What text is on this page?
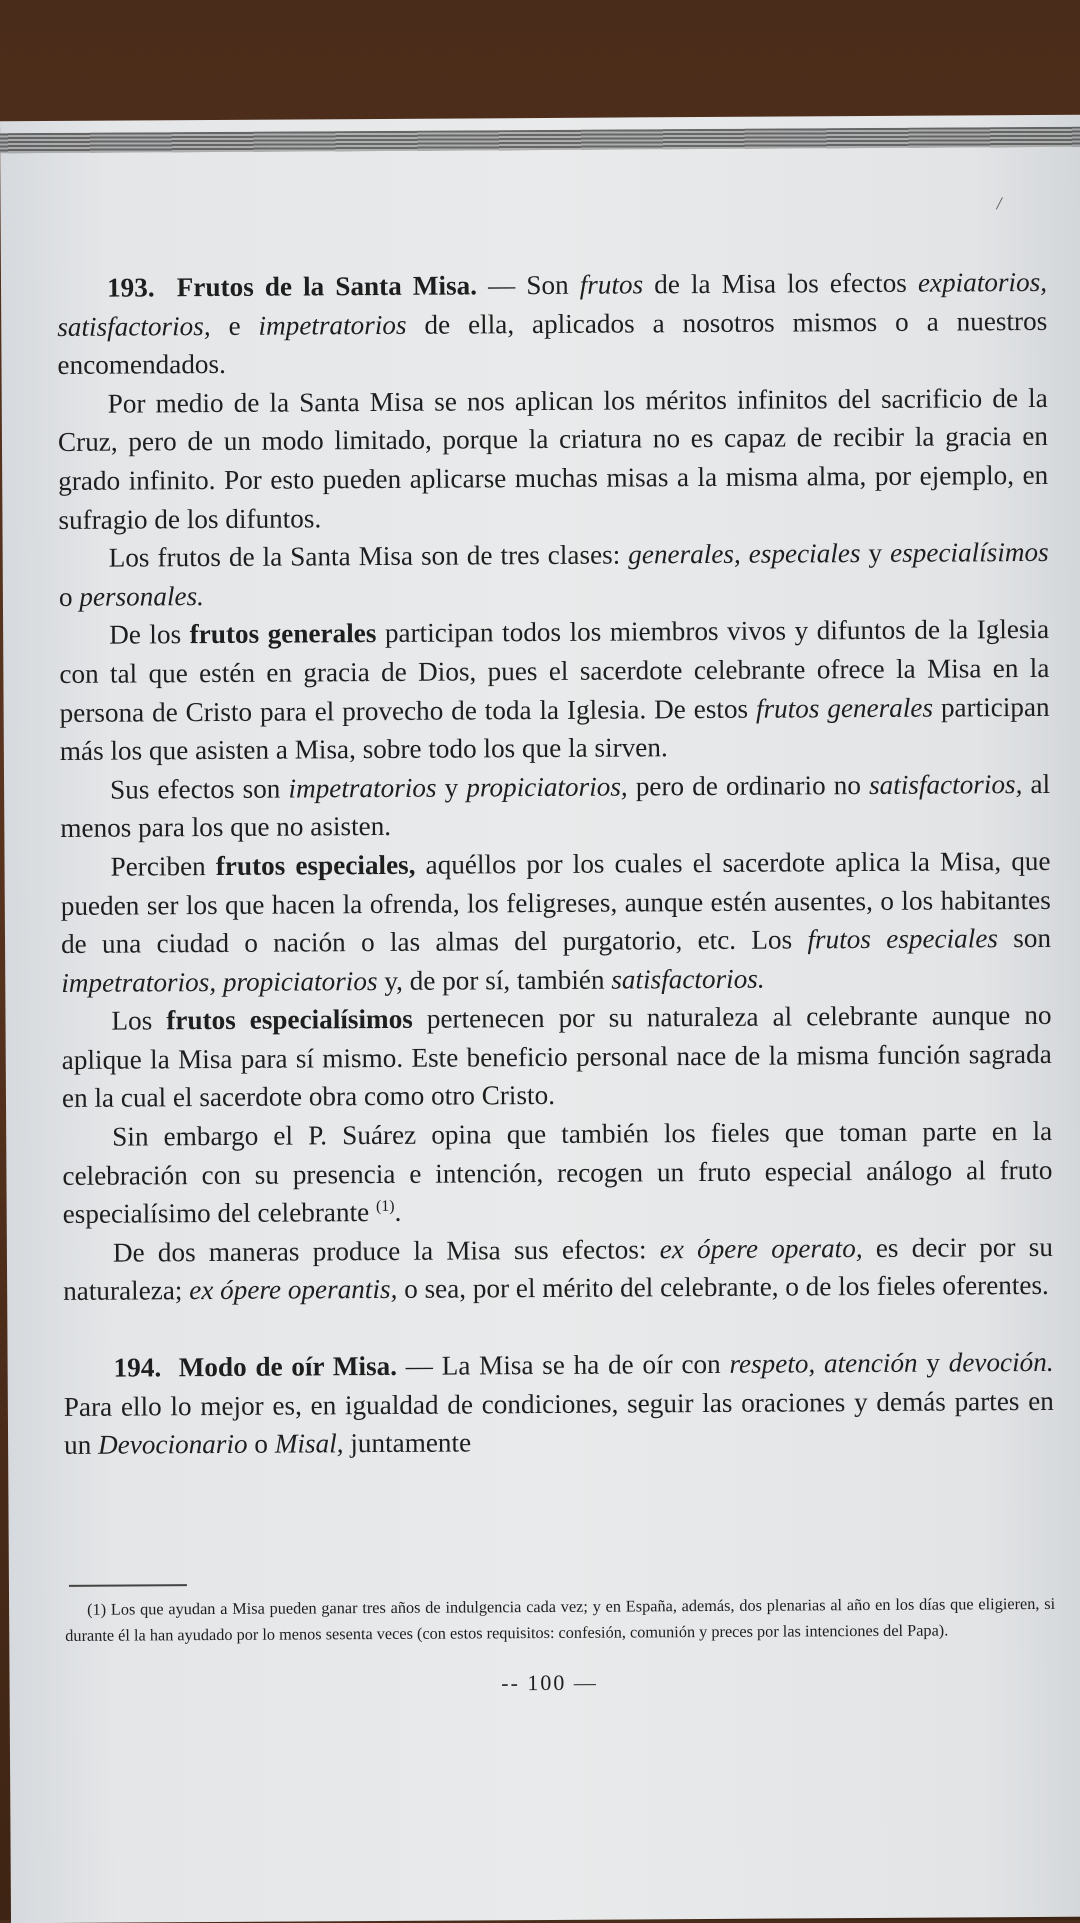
/

193. Frutos de la Santa Misa. — Son frutos de la Misa los efectos expiatorios, satisfactorios, e impetratorios de ella, aplicados a nosotros mismos o a nuestros encomendados.

Por medio de la Santa Misa se nos aplican los méritos infinitos del sacrificio de la Cruz, pero de un modo limitado, porque la criatura no es capaz de recibir la gracia en grado infinito. Por esto pueden aplicarse muchas misas a la misma alma, por ejemplo, en sufragio de los difuntos.

Los frutos de la Santa Misa son de tres clases: generales, especiales y especialísimos o personales.

De los frutos generales participan todos los miembros vivos y difuntos de la Iglesia con tal que estén en gracia de Dios, pues el sacerdote celebrante ofrece la Misa en la persona de Cristo para el provecho de toda la Iglesia. De estos frutos generales participan más los que asisten a Misa, sobre todo los que la sirven.

Sus efectos son impetratorios y propiciatorios, pero de ordinario no satisfactorios, al menos para los que no asisten.

Perciben frutos especiales, aquéllos por los cuales el sacerdote aplica la Misa, que pueden ser los que hacen la ofrenda, los feligreses, aunque estén ausentes, o los habitantes de una ciudad o nación o las almas del purgatorio, etc. Los frutos especiales son impetratorios, propiciatorios y, de por sí, también satisfactorios.

Los frutos especialísimos pertenecen por su naturaleza al celebrante aunque no aplique la Misa para sí mismo. Este beneficio personal nace de la misma función sagrada en la cual el sacerdote obra como otro Cristo.

Sin embargo el P. Suárez opina que también los fieles que toman parte en la celebración con su presencia e intención, recogen un fruto especial análogo al fruto especialísimo del celebrante $^{(1)}$.

De dos maneras produce la Misa sus efectos: ex ópere operato, es decir por su naturaleza; ex ópere operantis, o sea, por el mérito del celebrante, o de los fieles oferentes.

194. Modo de oír Misa. — La Misa se ha de oír con respeto, atención y devoción. Para ello lo mejor es, en igualdad de condiciones, seguir las oraciones y demás partes en un Devocionario o Misal, juntamente

(1) Los que ayudan a Misa pueden ganar tres años de indulgencia cada vez; y en España, además, dos plenarias al año en los días que eligieren, si durante él la han ayudado por lo menos sesenta veces (con estos requisitos: confesión, comunión y preces por las intenciones del Papa).
-- 100 —
